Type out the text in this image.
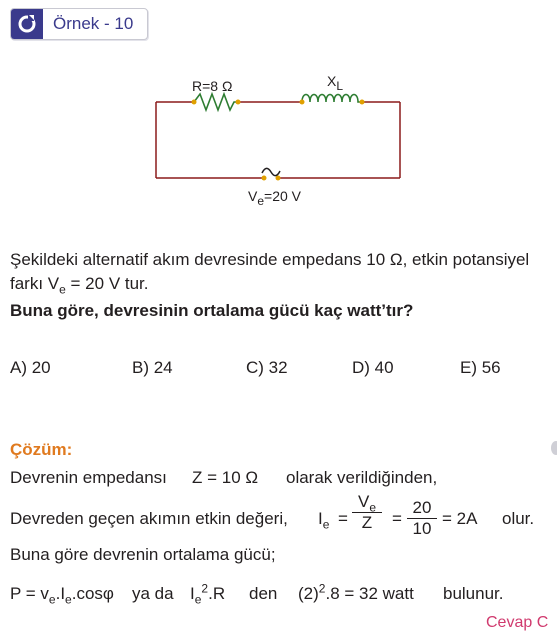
Örnek - 10
R=8 Ω	$X_L$
$V_e=20$ V
Şekildeki alternatif akım devresinde empedans 10 Ω, etkin potansiyel
farkı $V_e = 20$ V tur.
Buna göre, devresinin ortalama gücü kaç watt’tır?
A) 20	B) 24	C) 32	D) 40	E) 56
Çözüm:
Devrenin empedansı Z = 10 Ω olarak verildiğinden,
Devreden geçen akımın etkin değeri, $I_e = \frac{V_e}{Z} = \frac{20}{10} = 2A$ olur.
Buna göre devrenin ortalama gücü;
$P = v_e.I_e.\cos\varphi$ ya da $I_e^2.R$ den $(2)^2.8 = 32$ watt bulunur.
Cevap C
